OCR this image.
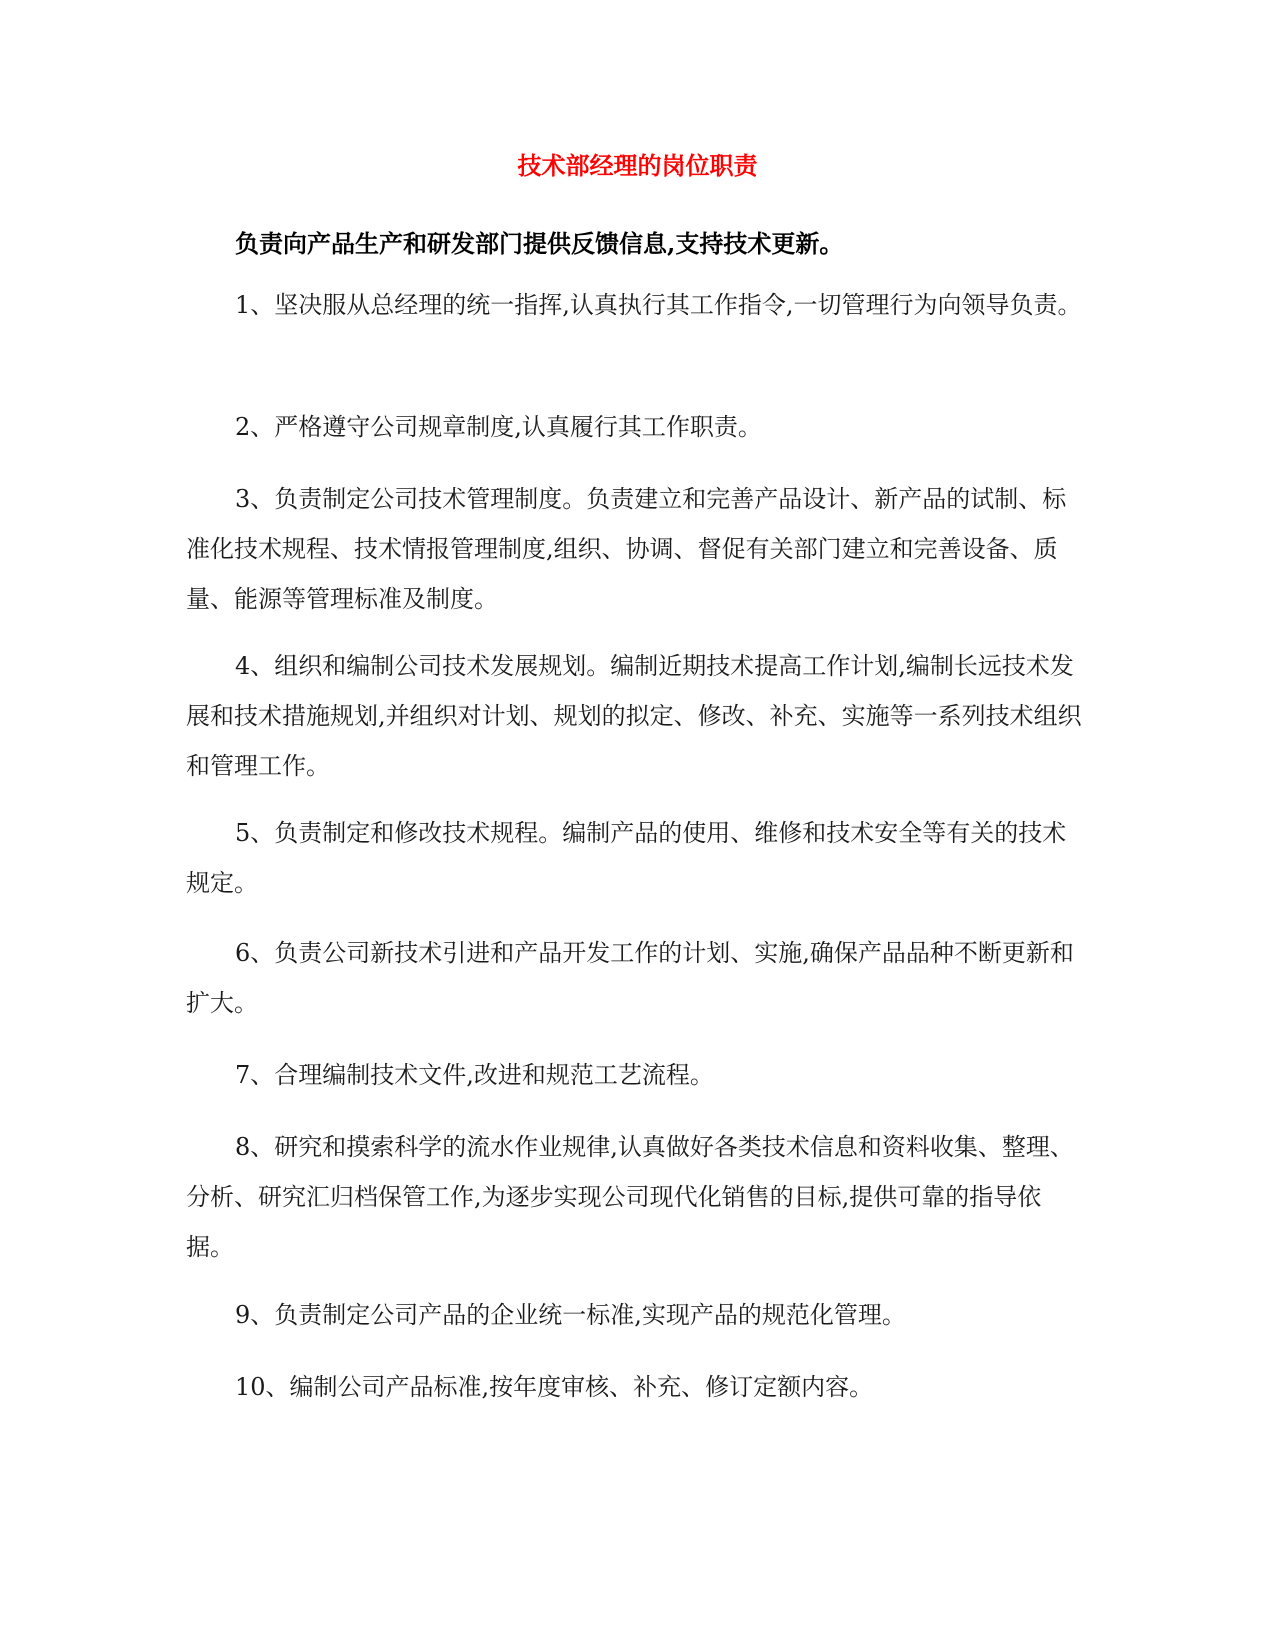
技术部经理的岗位职责
负责向产品生产和研发部门提供反馈信息,支持技术更新。
1、坚决服从总经理的统一指挥,认真执行其工作指令,一切管理行为向领导负责。
2、严格遵守公司规章制度,认真履行其工作职责。
3、负责制定公司技术管理制度。负责建立和完善产品设计、新产品的试制、标准化技术规程、技术情报管理制度,组织、协调、督促有关部门建立和完善设备、质量、能源等管理标准及制度。
4、组织和编制公司技术发展规划。编制近期技术提高工作计划,编制长远技术发展和技术措施规划,并组织对计划、规划的拟定、修改、补充、实施等一系列技术组织和管理工作。
5、负责制定和修改技术规程。编制产品的使用、维修和技术安全等有关的技术规定。
6、负责公司新技术引进和产品开发工作的计划、实施,确保产品品种不断更新和扩大。
7、合理编制技术文件,改进和规范工艺流程。
8、研究和摸索科学的流水作业规律,认真做好各类技术信息和资料收集、整理、分析、研究汇归档保管工作,为逐步实现公司现代化销售的目标,提供可靠的指导依据。
9、负责制定公司产品的企业统一标准,实现产品的规范化管理。
10、编制公司产品标准,按年度审核、补充、修订定额内容。
